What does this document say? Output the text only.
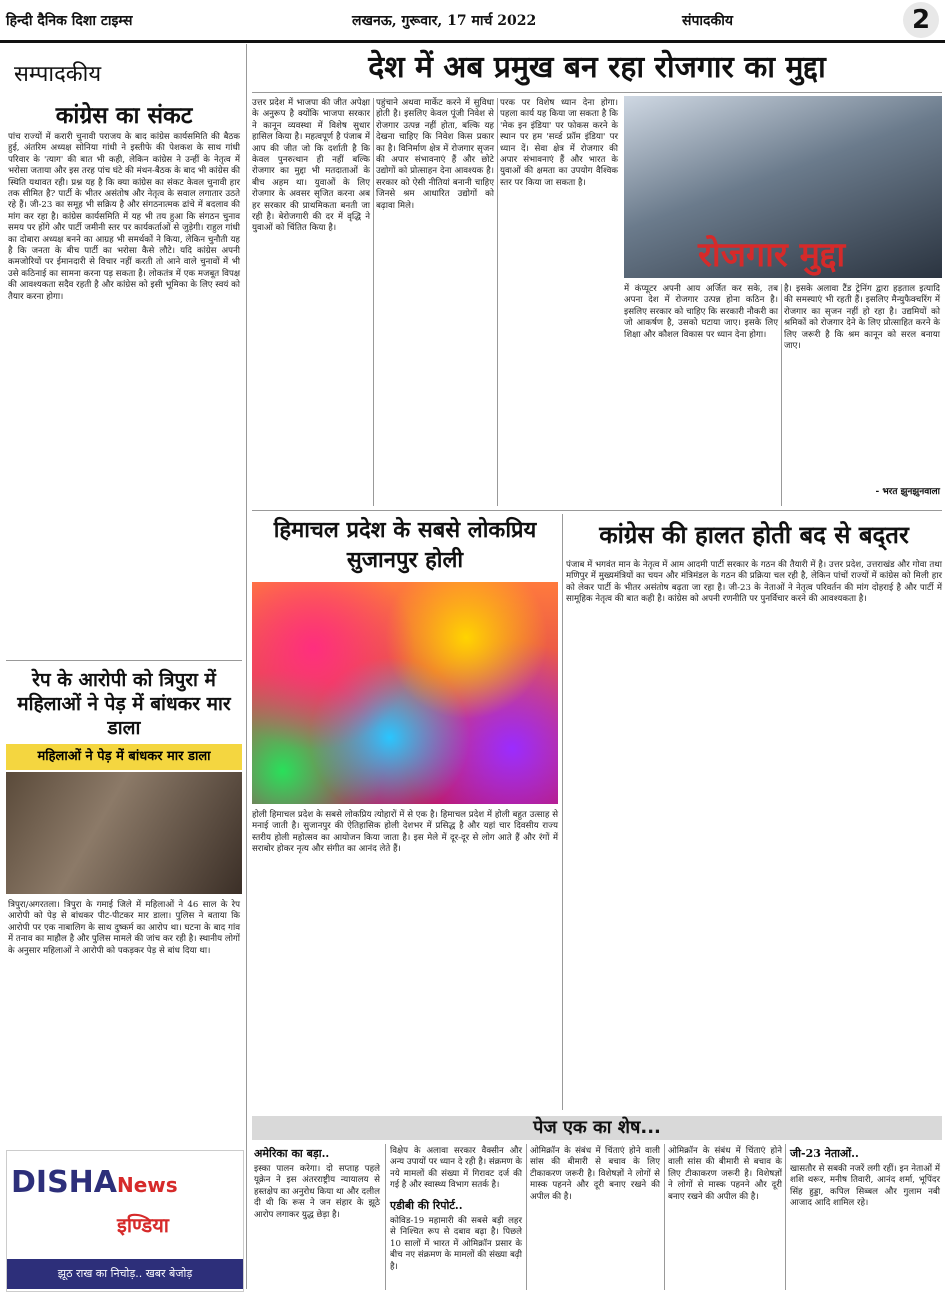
हिन्दी दैनिक दिशा टाइम्स	लखनऊ, गुरूवार, 17 मार्च 2022	संपादकीय	2
सम्पादकीय
कांग्रेस का संकट
पांच राज्यों में करारी चुनावी पराजय के बाद कांग्रेस कार्यसमिति की बैठक हुई, अंतरिम अध्यक्ष सोनिया गांधी ने इस्तीफे की पेशकश के साथ गांधी परिवार के 'त्याग' की बात भी कही, लेकिन कांग्रेस ने उन्हीं के नेतृत्व में भरोसा जताया और इस तरह पांच घंटे की मंथन-बैठक के बाद भी कांग्रेस की स्थिति यथावत रही। प्रश्न यह है कि क्या कांग्रेस का संकट केवल चुनावी हार तक सीमित है? पार्टी के भीतर असंतोष और नेतृत्व के सवाल लगातार उठते रहे हैं। जी-23 का समूह भी सक्रिय है और संगठनात्मक ढांचे में बदलाव की मांग कर रहा है। कांग्रेस कार्यसमिति में यह भी तय हुआ कि संगठन चुनाव समय पर होंगे और पार्टी जमीनी स्तर पर कार्यकर्ताओं से जुड़ेगी। राहुल गांधी का दोबारा अध्यक्ष बनने का आग्रह भी समर्थकों ने किया, लेकिन चुनौती यह है कि जनता के बीच पार्टी का भरोसा कैसे लौटे। यदि कांग्रेस अपनी कमजोरियों पर ईमानदारी से विचार नहीं करती तो आने वाले चुनावों में भी उसे कठिनाई का सामना करना पड़ सकता है। लोकतंत्र में एक मजबूत विपक्ष की आवश्यकता सदैव रहती है और कांग्रेस को इसी भूमिका के लिए स्वयं को तैयार करना होगा।
रेप के आरोपी को त्रिपुरा में महिलाओं ने पेड़ में बांधकर मार डाला
महिलाओं ने पेड़ में बांधकर मार डाला
त्रिपुरा/अगरतला। त्रिपुरा के गमाई जिले में महिलाओं ने 46 साल के रेप आरोपी को पेड़ से बांधकर पीट-पीटकर मार डाला। पुलिस ने बताया कि आरोपी पर एक नाबालिग के साथ दुष्कर्म का आरोप था। घटना के बाद गांव में तनाव का माहौल है और पुलिस मामले की जांच कर रही है। स्थानीय लोगों के अनुसार महिलाओं ने आरोपी को पकड़कर पेड़ से बांध दिया था।
DISHANews
इण्डिया
झूठ राख का निचोड़.. खबर बेजोड़
देश में अब प्रमुख बन रहा रोजगार का मुद्दा
उत्तर प्रदेश में भाजपा की जीत अपेक्षा के अनुरूप है क्योंकि भाजपा सरकार ने कानून व्यवस्था में विशेष सुधार हासिल किया है। महत्वपूर्ण है पंजाब में आप की जीत जो कि दर्शाती है कि केवल पुनरुत्थान ही नहीं बल्कि रोजगार का मुद्दा भी मतदाताओं के बीच अहम था। युवाओं के लिए रोजगार के अवसर सृजित करना अब हर सरकार की प्राथमिकता बनती जा रही है। बेरोजगारी की दर में वृद्धि ने युवाओं को चिंतित किया है।
पहुंचाने अथवा मार्केट करने में सुविधा होती है। इसलिए केवल पूंजी निवेश से रोजगार उत्पन्न नहीं होता, बल्कि यह देखना चाहिए कि निवेश किस प्रकार का है। विनिर्माण क्षेत्र में रोजगार सृजन की अपार संभावनाएं हैं और छोटे उद्योगों को प्रोत्साहन देना आवश्यक है। सरकार को ऐसी नीतियां बनानी चाहिए जिनसे श्रम आधारित उद्योगों को बढ़ावा मिले।
परक पर विशेष ध्यान देना होगा। पहला कार्य यह किया जा सकता है कि 'मेक इन इंडिया' पर फोकस करने के स्थान पर हम 'सर्व्ड फ्रॉम इंडिया' पर ध्यान दें। सेवा क्षेत्र में रोजगार की अपार संभावनाएं हैं और भारत के युवाओं की क्षमता का उपयोग वैश्विक स्तर पर किया जा सकता है।
रोजगार मुद्दा
में कंप्यूटर अपनी आय अर्जित कर सके, तब अपना देश में रोजगार उत्पन्न होना कठिन है। इसलिए सरकार को चाहिए कि सरकारी नौकरी का जो आकर्षण है, उसको घटाया जाए। इसके लिए शिक्षा और कौशल विकास पर ध्यान देना होगा।
है। इसके अलावा टैंड ट्रेनिंग द्वारा हड़ताल इत्यादि की समस्याएं भी रहती हैं। इसलिए मैन्युफैक्चरिंग में रोजगार का सृजन नहीं हो रहा है। उद्यमियों को श्रमिकों को रोजगार देने के लिए प्रोत्साहित करने के लिए जरूरी है कि श्रम कानून को सरल बनाया जाए।
- भरत झुनझुनवाला
हिमाचल प्रदेश के सबसे लोकप्रिय सुजानपुर होली
होली हिमाचल प्रदेश के सबसे लोकप्रिय त्योहारों में से एक है। हिमाचल प्रदेश में होली बहुत उत्साह से मनाई जाती है। सुजानपुर की ऐतिहासिक होली देशभर में प्रसिद्ध है और यहां चार दिवसीय राज्य स्तरीय होली महोत्सव का आयोजन किया जाता है। इस मेले में दूर-दूर से लोग आते हैं और रंगों में सराबोर होकर नृत्य और संगीत का आनंद लेते हैं।
कांग्रेस की हालत होती बद से बद्तर
पंजाब में भगवंत मान के नेतृत्व में आम आदमी पार्टी सरकार के गठन की तैयारी में है। उत्तर प्रदेश, उत्तराखंड और गोवा तथा मणिपुर में मुख्यमंत्रियों का चयन और मंत्रिमंडल के गठन की प्रक्रिया चल रही है, लेकिन पांचों राज्यों में कांग्रेस को मिली हार को लेकर पार्टी के भीतर असंतोष बढ़ता जा रहा है। जी-23 के नेताओं ने नेतृत्व परिवर्तन की मांग दोहराई है और पार्टी में सामूहिक नेतृत्व की बात कही है। कांग्रेस को अपनी रणनीति पर पुनर्विचार करने की आवश्यकता है।
पेज एक का शेष...
अमेरिका का बड़ा..
इस्का पालन करेगा। दो सप्ताह पहले यूक्रेन ने इस अंतरराष्ट्रीय न्यायालय से हस्तक्षेप का अनुरोध किया था और दलील दी थी कि रूस ने जन संहार के झूठे आरोप लगाकर युद्ध छेड़ा है।
विक्षेप के अलावा सरकार वैक्सीन और अन्य उपायों पर ध्यान दे रही है। संक्रमण के नये मामलों की संख्या में गिरावट दर्ज की गई है और स्वास्थ्य विभाग सतर्क है।
एडीबी की रिपोर्ट..
कोविड-19 महामारी की सबसे बड़ी लहर से निश्चित रूप से दबाव बढ़ा है। पिछले 10 सालों में भारत में ओमिक्रॉन प्रसार के बीच नए संक्रमण के मामलों की संख्या बढ़ी है।
ओमिक्रॉन के संबंध में चिंताएं होने वाली सांस की बीमारी से बचाव के लिए टीकाकरण जरूरी है। विशेषज्ञों ने लोगों से मास्क पहनने और दूरी बनाए रखने की अपील की है।
ओमिक्रॉन के संबंध में चिंताएं होने वाली सांस की बीमारी से बचाव के लिए टीकाकरण जरूरी है। विशेषज्ञों ने लोगों से मास्क पहनने और दूरी बनाए रखने की अपील की है।
जी-23 नेताओं..
खासतौर से सबकी नजरें लगी रहीं। इन नेताओं में शशि थरूर, मनीष तिवारी, आनंद शर्मा, भूपिंदर सिंह हुड्डा, कपिल सिब्बल और गुलाम नबी आजाद आदि शामिल रहे।
